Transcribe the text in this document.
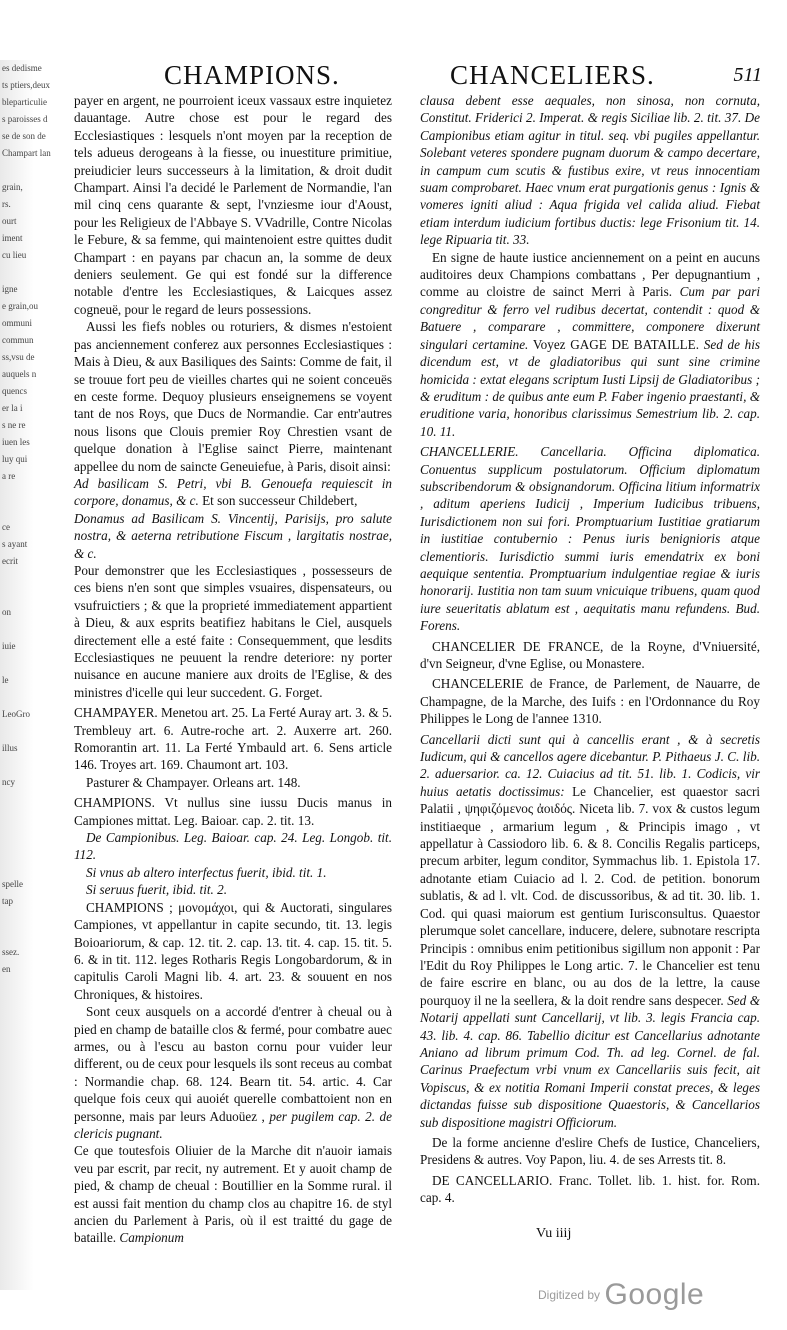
es dedisme
ts ptiers,deux
bleparticulie
s paroisses d
se de son de
Champart lan
grain,
rs.
ourt
iment
cu lieu
igne
e grain,ou
ommuni
commun
ss,vsu de
auquels n
quencs
er la i
s ne re
iuen les
luy qui
a re
ce
s ayant
ecrit
on
iuie
le
LeoGro
illus
ncy
spelle
tap
ssez.
en
CHAMPIONS.	CHANCELIERS.	511

payer en argent, ne pourroient iceux vassaux estre inquietez dauantage. Autre chose est pour le regard des Ecclesiastiques : lesquels n'ont moyen par la reception de tels adueus derogeans à la fiesse, ou inuestiture primitiue, preiudicier leurs successeurs à la limitation, & droit dudit Champart. Ainsi l'a decidé le Parlement de Normandie, l'an mil cinq cens quarante & sept, l'vnziesme iour d'Aoust, pour les Religieux de l'Abbaye S. VVadrille, Contre Nicolas le Febure, & sa femme, qui maintenoient estre quittes dudit Champart : en payans par chacun an, la somme de deux deniers seulement. Ge qui est fondé sur la difference notable d'entre les Ecclesiastiques, & Laicques assez cogneuë, pour le regard de leurs possessions.

Aussi les fiefs nobles ou roturiers, & dismes n'estoient pas anciennement conferez aux personnes Ecclesiastiques : Mais à Dieu, & aux Basiliques des Saints: Comme de fait, il se trouue fort peu de vieilles chartes qui ne soient conceuës en ceste forme. Dequoy plusieurs enseignemens se voyent tant de nos Roys, que Ducs de Normandie. Car entr'autres nous lisons que Clouis premier Roy Chrestien vsant de quelque donation à l'Eglise sainct Pierre, maintenant appellee du nom de saincte Geneuiefue, à Paris, disoit ainsi:

Ad basilicam S. Petri, vbi B. Genouefa requiescit in corpore, donamus, & c. Et son successeur Childebert,

Donamus ad Basilicam S. Vincentij, Parisijs, pro salute nostra, & aeterna retributione Fiscum , largitatis nostrae, & c.

Pour demonstrer que les Ecclesiastiques , possesseurs de ces biens n'en sont que simples vsuaires, dispensateurs, ou vsufruictiers ; & que la proprieté immediatement appartient à Dieu, & aux esprits beatifiez habitans le Ciel, ausquels directement elle a esté faite : Consequemment, que lesdits Ecclesiastiques ne peuuent la rendre deteriore: ny porter nuisance en aucune maniere aux droits de l'Eglise, & des ministres d'icelle qui leur succedent. G. Forget.

CHAMPAYER. Menetou art. 25. La Ferté Auray art. 3. & 5. Trembleuy art. 6. Autre-roche art. 2. Auxerre art. 260. Romorantin art. 11. La Ferté Ymbauld art. 6. Sens article 146. Troyes art. 169. Chaumont art. 103.

Pasturer & Champayer. Orleans art. 148.

CHAMPIONS. Vt nullus sine iussu Ducis manus in Campiones mittat. Leg. Baioar. cap. 2. tit. 13.

De Campionibus. Leg. Baioar. cap. 24. Leg. Longob. tit. 112.

Si vnus ab altero interfectus fuerit, ibid. tit. 1.

Si seruus fuerit, ibid. tit. 2.

CHAMPIONS ; μονομάχοι, qui & Auctorati, singulares Campiones, vt appellantur in capite secundo, tit. 13. legis Boioariorum, & cap. 12. tit. 2. cap. 13. tit. 4. cap. 15. tit. 5. 6. & in tit. 112. leges Rotharis Regis Longobardorum, & in capitulis Caroli Magni lib. 4. art. 23. & souuent en nos Chroniques, & histoires.

Sont ceux ausquels on a accordé d'entrer à cheual ou à pied en champ de bataille clos & fermé, pour combatre auec armes, ou à l'escu au baston cornu pour vuider leur different, ou de ceux pour lesquels ils sont receus au combat : Normandie chap. 68. 124. Bearn tit. 54. artic. 4. Car quelque fois ceux qui auoiét querelle combattoient non en personne, mais par leurs Aduoüez , per pugilem cap. 2. de clericis pugnant.

Ce que toutesfois Oliuier de la Marche dit n'auoir iamais veu par escrit, par recit, ny autrement. Et y auoit champ de pied, & champ de cheual : Boutillier en la Somme rural. il est aussi fait mention du champ clos au chapitre 16. de styl ancien du Parlement à Paris, où il est traitté du gage de bataille. Campionum

clausa debent esse aequales, non sinosa, non cornuta, Constitut. Friderici 2. Imperat. & regis Siciliae lib. 2. tit. 37. De Campionibus etiam agitur in titul. seq. vbi pugiles appellantur. Solebant veteres spondere pugnam duorum & campo decertare, in campum cum scutis & fustibus exire, vt reus innocentiam suam comprobaret. Haec vnum erat purgationis genus : Ignis & vomeres igniti aliud : Aqua frigida vel calida aliud. Fiebat etiam interdum iudicium fortibus ductis: lege Frisonium tit. 14. lege Ripuaria tit. 33.

En signe de haute iustice anciennement on a peint en aucuns auditoires deux Champions combattans , Per depugnantium , comme au cloistre de sainct Merri à Paris. Cum par pari congreditur & ferro vel rudibus decertat, contendit : quod & Batuere , comparare , committere, componere dixerunt singulari certamine. Voyez GAGE DE BATAILLE. Sed de his dicendum est, vt de gladiatoribus qui sunt sine crimine homicida : extat elegans scriptum Iusti Lipsij de Gladiatoribus ; & eruditum : de quibus ante eum P. Faber ingenio praestanti, & eruditione varia, honoribus clarissimus Semestrium lib. 2. cap. 10. 11.

CHANCELLERIE. Cancellaria. Officina diplomatica. Conuentus supplicum postulatorum. Officium diplomatum subscribendorum & obsignandorum. Officina litium informatrix , aditum aperiens Iudicij , Imperium Iudicibus tribuens, Iurisdictionem non sui fori. Promptuarium Iustitiae gratiarum in iustitiae contubernio : Penus iuris benignioris atque clementioris. Iurisdictio summi iuris emendatrix ex boni aequique sententia. Promptuarium indulgentiae regiae & iuris honorarij. Iustitia non tam suum vnicuique tribuens, quam quod iure seueritatis ablatum est , aequitatis manu refundens. Bud. Forens.

CHANCELIER DE FRANCE, de la Royne, d'Vniuersité, d'vn Seigneur, d'vne Eglise, ou Monastere.

CHANCELERIE de France, de Parlement, de Nauarre, de Champagne, de la Marche, des Iuifs : en l'Ordonnance du Roy Philippes le Long de l'annee 1310.

Cancellarii dicti sunt qui à cancellis erant , & à secretis Iudicum, qui & cancellos agere dicebantur. P. Pithaeus J. C. lib. 2. aduersarior. ca. 12. Cuiacius ad tit. 51. lib. 1. Codicis, vir huius aetatis doctissimus: Le Chancelier, est quaestor sacri Palatii , ψηφιζόμενος ἀοιδός. Niceta lib. 7. vox & custos legum institiaeque , armarium legum , & Principis imago , vt appellatur à Cassiodoro lib. 6. & 8. Concilis Regalis particeps, precum arbiter, legum conditor, Symmachus lib. 1. Epistola 17. adnotante etiam Cuiacio ad l. 2. Cod. de petition. bonorum sublatis, & ad l. vlt. Cod. de discussoribus, & ad tit. 30. lib. 1. Cod. qui quasi maiorum est gentium Iurisconsultus. Quaestor plerumque solet cancellare, inducere, delere, subnotare rescripta Principis : omnibus enim petitionibus sigillum non apponit : Par l'Edit du Roy Philippes le Long artic. 7. le Chancelier est tenu de faire escrire en blanc, ou au dos de la lettre, la cause pourquoy il ne la seellera, & la doit rendre sans despecer. Sed & Notarij appellati sunt Cancellarij, vt lib. 3. legis Francia cap. 43. lib. 4. cap. 86. Tabellio dicitur est Cancellarius adnotante Aniano ad librum primum Cod. Th. ad leg. Cornel. de fal. Carinus Praefectum vrbi vnum ex Cancellariis suis fecit, ait Vopiscus, & ex notitia Romani Imperii constat preces, & leges dictandas fuisse sub dispositione Quaestoris, & Cancellarios sub dispositione magistri Officiorum.

De la forme ancienne d'eslire Chefs de Iustice, Chanceliers, Presidens & autres. Voy Papon, liu. 4. de ses Arrests tit. 8.

DE CANCELLARIO. Franc. Tollet. lib. 1. hist. for. Rom. cap. 4.

Vu iiij
Digitized by Google
